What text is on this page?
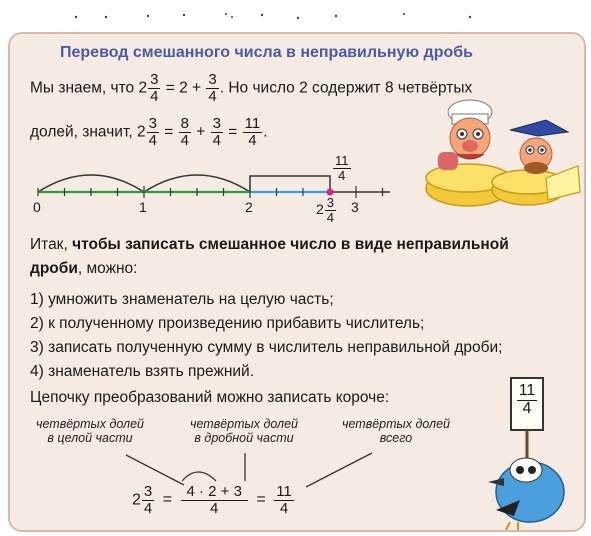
Перевод смешанного числа в неправильную дробь
Мы знаем, что $2 \frac{3}{4} = 2 + \frac{3}{4}$ . Но число 2 содержит 8 четвёртых
долей, значит, $2 \frac{3}{4} = \frac{8}{4} + \frac{3}{4} = \frac{11}{4}$ .
0	1	2	3
$2 \frac{3}{4}$
$\frac{11}{4}$
Итак, чтобы записать смешанное число в виде неправильной
дроби, можно:
1) умножить знаменатель на целую часть;
2) к полученному произведению прибавить числитель;
3) записать полученную сумму в числитель неправильной дроби;
4) знаменатель взять прежний.
Цепочку преобразований можно записать короче:
четвёртых долей
в целой части
четвёртых долей
в дробной части
четвёртых долей
всего
$2 \frac{3}{4} = \frac{4 \cdot 2 + 3}{4} = \frac{11}{4}$
$\frac{11}{4}$
